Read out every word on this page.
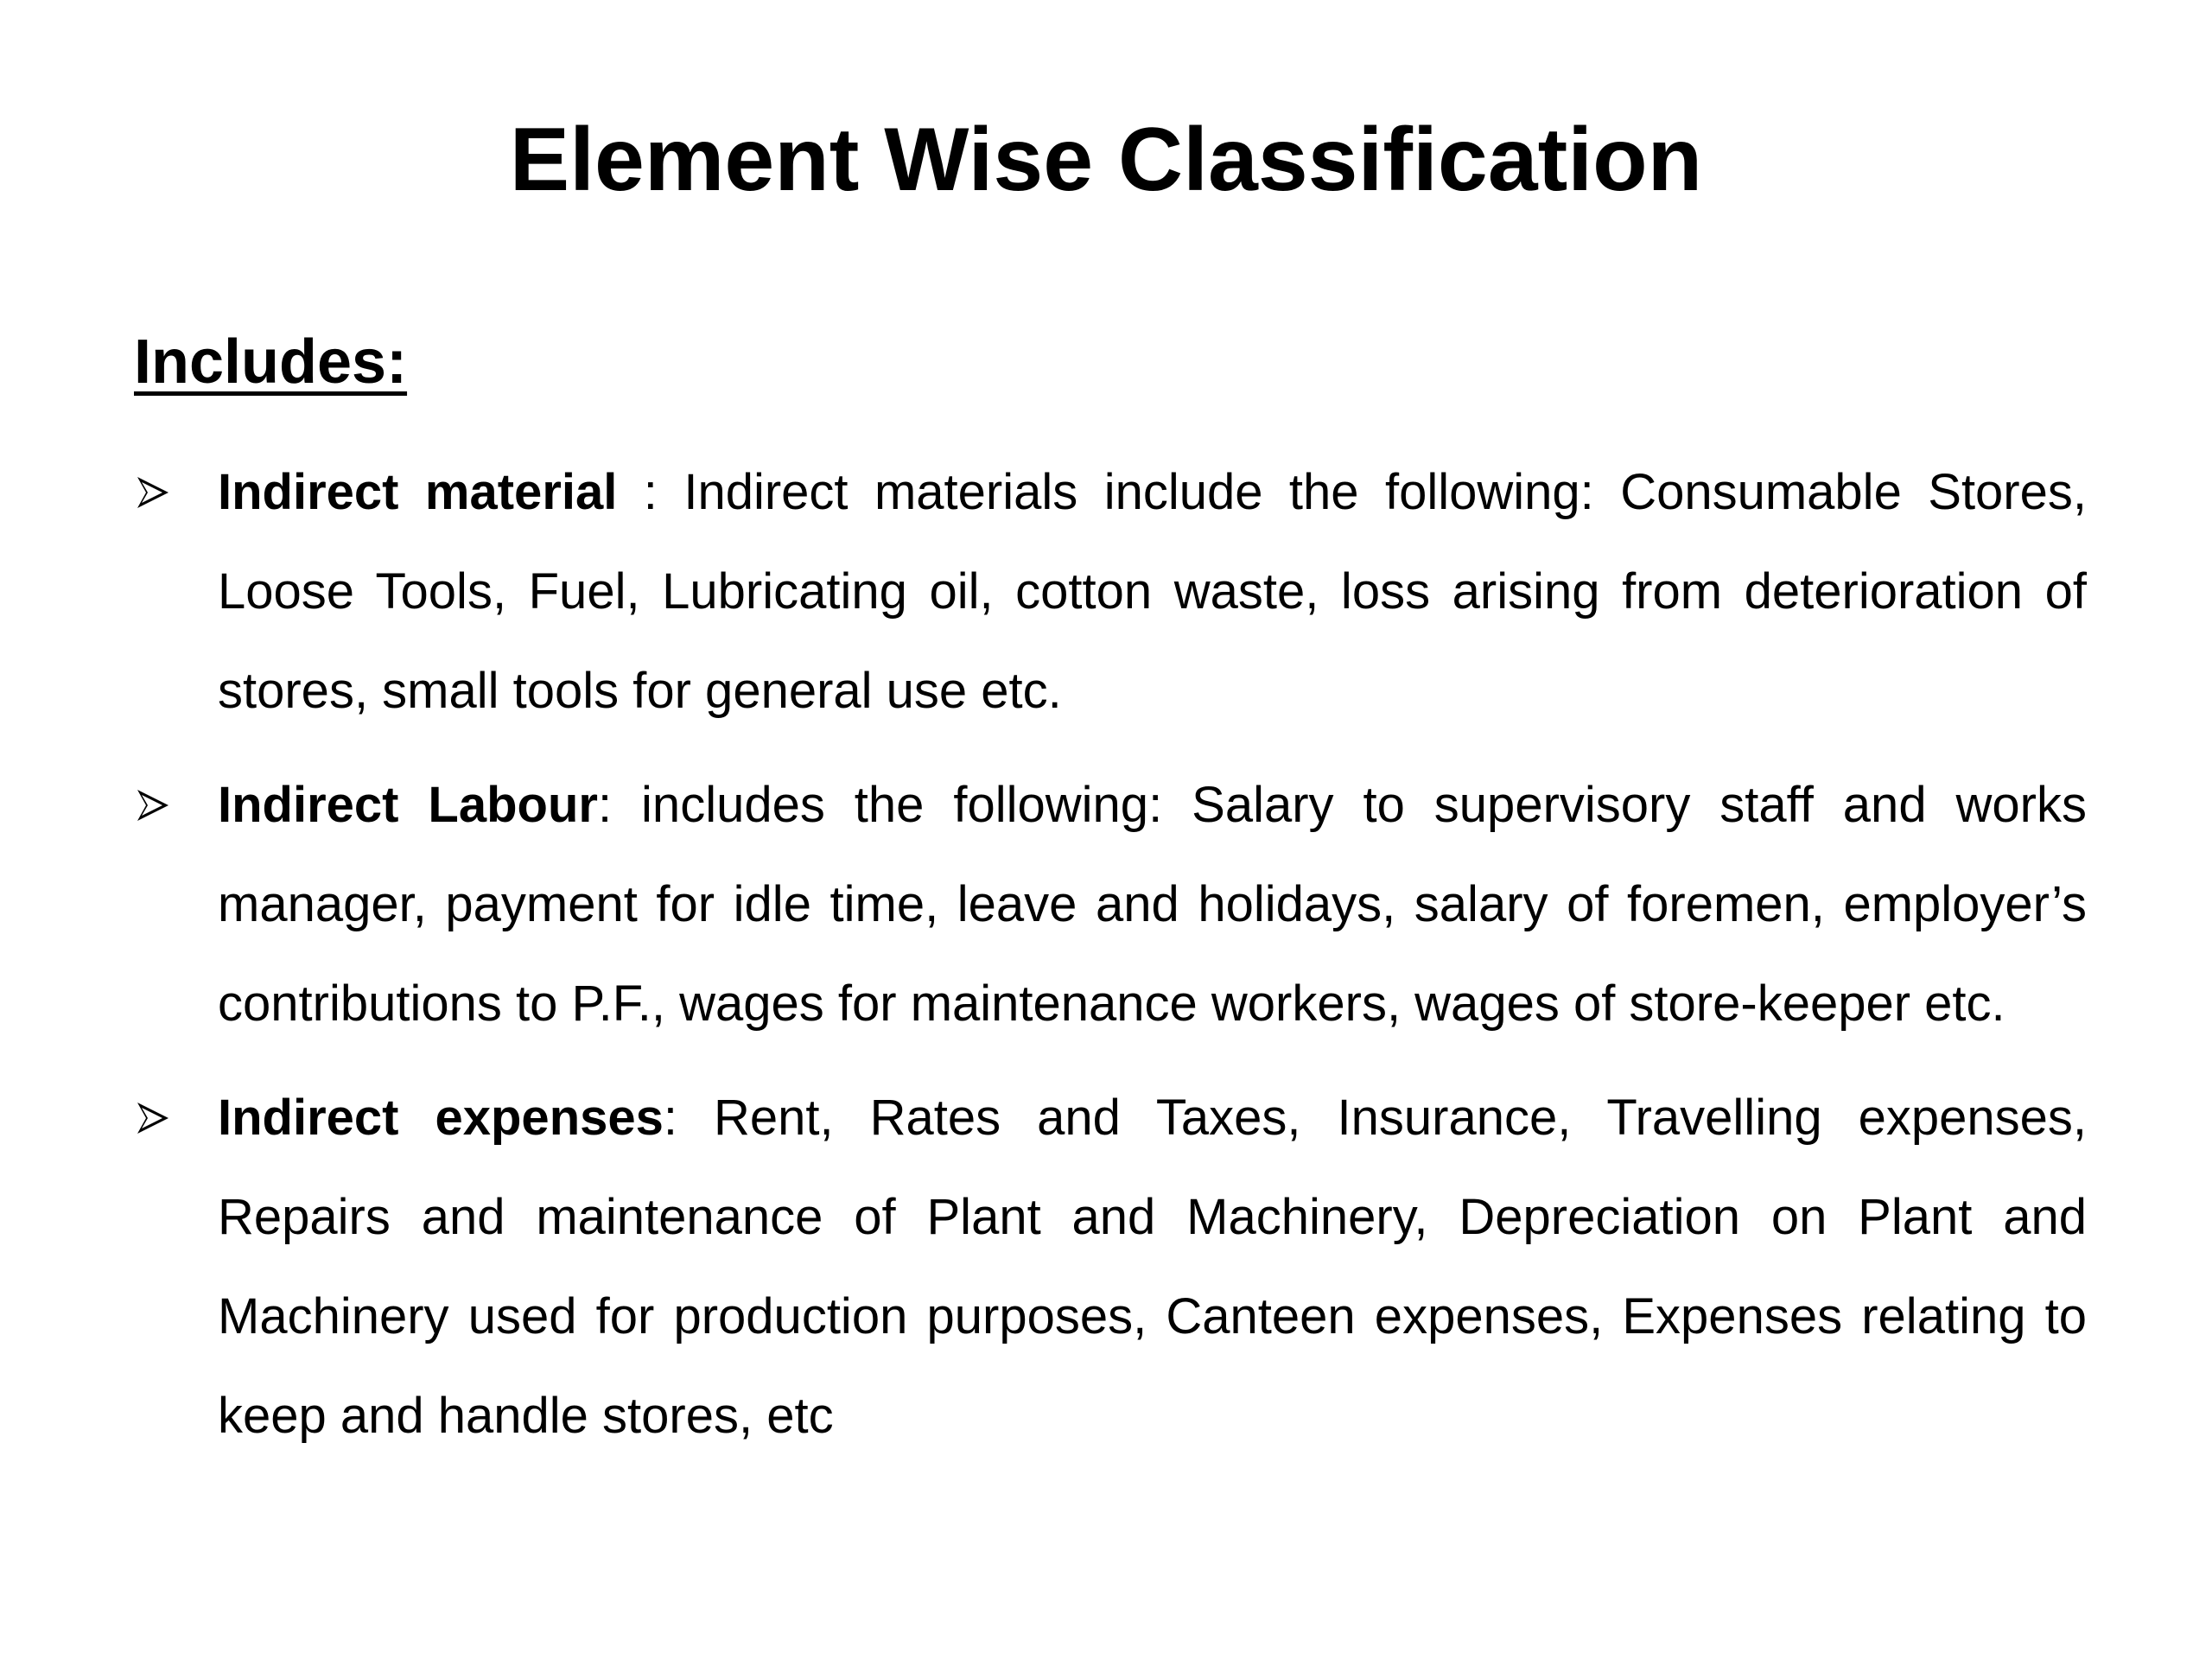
Element Wise Classification
Includes:
Indirect material : Indirect materials include the following: Consumable Stores, Loose Tools, Fuel, Lubricating oil, cotton waste, loss arising from deterioration of stores, small tools for general use etc.
Indirect Labour: includes the following: Salary to supervisory staff and works manager, payment for idle time, leave and holidays, salary of foremen, employer’s contributions to P.F., wages for maintenance workers, wages of store-keeper etc.
Indirect expenses: Rent, Rates and Taxes, Insurance, Travelling expenses, Repairs and maintenance of Plant and Machinery, Depreciation on Plant and Machinery used for production purposes, Canteen expenses, Expenses relating to keep and handle stores, etc
